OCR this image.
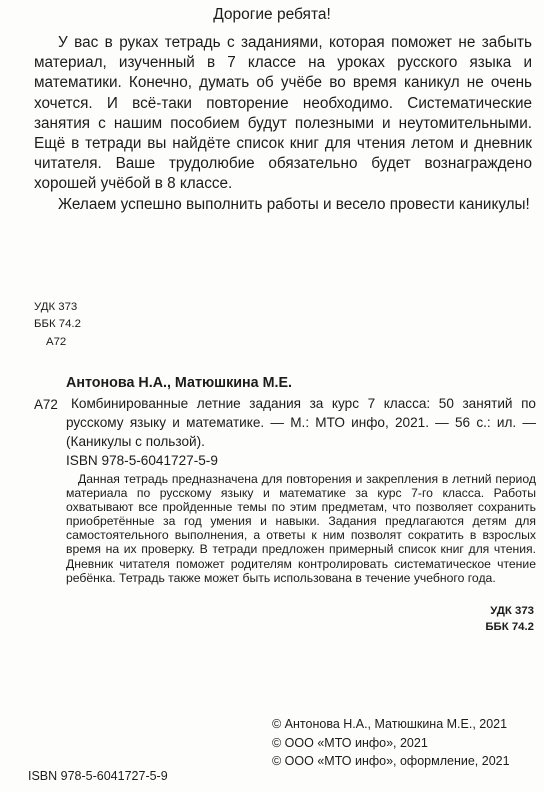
Дорогие ребята!

У вас в руках тетрадь с заданиями, которая поможет не забыть материал, изученный в 7 классе на уроках русского языка и математики. Конечно, думать об учёбе во время каникул не очень хочется. И всё-таки повторение необходимо. Систематические занятия с нашим пособием будут полезными и неутомительными. Ещё в тетради вы найдёте список книг для чтения летом и дневник читателя. Ваше трудолюбие обязательно будет вознаграждено хорошей учёбой в 8 классе.

Желаем успешно выполнить работы и весело провести каникулы!

УДК 373
ББК 74.2
А72
Антонова Н.А., Матюшкина М.Е.
А72 Комбинированные летние задания за курс 7 класса: 50 занятий по русскому языку и математике. — М.: МТО инфо, 2021. — 56 с.: ил. — (Каникулы с пользой).

ISBN 978-5-6041727-5-9

Данная тетрадь предназначена для повторения и закрепления в летний период материала по русскому языку и математике за курс 7-го класса. Работы охватывают все пройденные темы по этим предметам, что позволяет сохранить приобретённые за год умения и навыки. Задания предлагаются детям для самостоятельного выполнения, а ответы к ним позволят сократить в взрослых время на их проверку. В тетради предложен примерный список книг для чтения. Дневник читателя поможет родителям контролировать систематическое чтение ребёнка. Тетрадь также может быть использована в течение учебного года.

УДК 373
ББК 74.2
© Антонова Н.А., Матюшкина М.Е., 2021
© ООО «МТО инфо», 2021
© ООО «МТО инфо», оформление, 2021
ISBN 978-5-6041727-5-9
